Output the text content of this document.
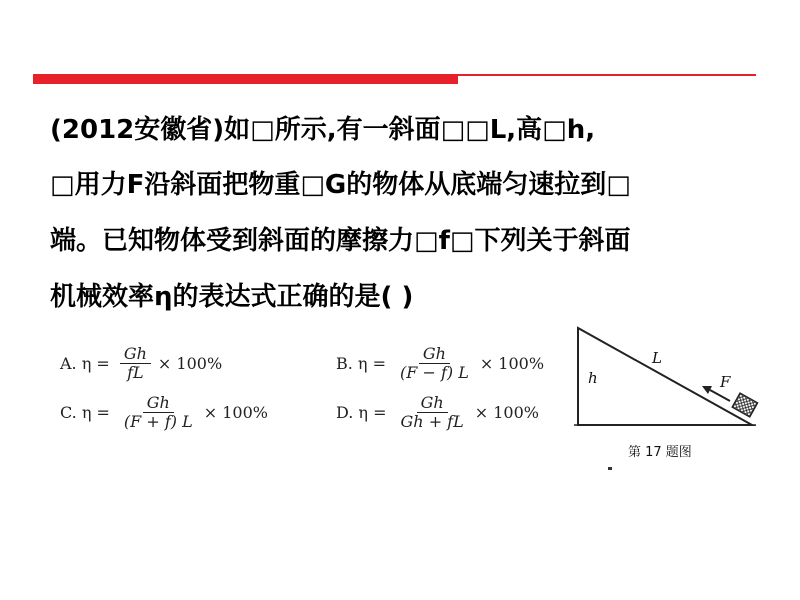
(2012安徽省)如□所示,有一斜面□□L,高□h,
□用力F沿斜面把物重□G的物体从底端匀速拉到□
端。已知物体受到斜面的摩擦力□f□下列关于斜面
机械效率η的表达式正确的是( )
A. $\eta = \frac{Gh}{fL} \times 100\%$	B. $\eta = \frac{Gh}{(F - f) L} \times 100\%$
C. $\eta = \frac{Gh}{(F + f) L} \times 100\%$	D. $\eta = \frac{Gh}{Gh + fL} \times 100\%$
L
h	F
第 17 题图
